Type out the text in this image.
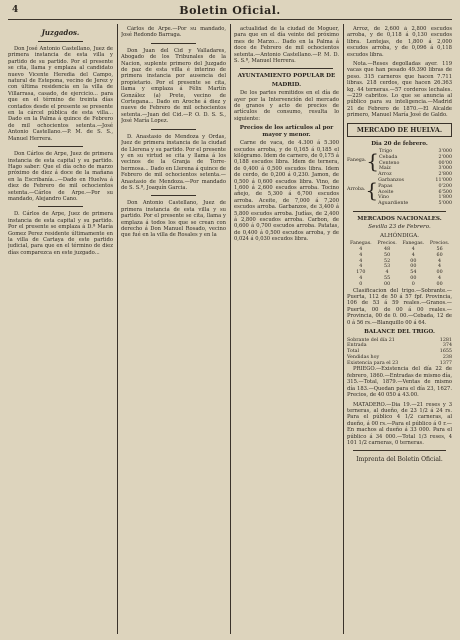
4	Boletin Oficial.
Juzgados.

Don José Antonio Castellano, Juez de primera instancia de esta villa y partido de su partido. Por el presente se cita, llama y emplaza al candidato nuevo Vicente Heredia del Campo, natural de Estepona, vecino de Jerez y con última residencia en la villa de Villarrasa, casado, de ejercicio... para que en el término de treinta días contados desde el presente se presente en la cárcel pública de esta villa... Dado en la Palma á quince de Febrero de mil ochocientos setenta.—José Antonio Castellano.—P. M. de S. S., Manuel Herrera.

Don Cárlos de Arpe, Juez de primera instancia de esta capital y su partido. Hago saber: Que el día ocho de marzo próximo de diez á doce de la mañana en la Escribanía...—Dado en Huelva á diez de Febrero de mil ochocientos setenta.—Cárlos de Arpe.—Por su mandado, Alejandro Cano.

D. Cárlos de Arpe, Juez de primera instancia de esta capital y su partido. Por el presente se emplaza á D.ª María Gomez Perez residente últimamente en la villa de Cartaya de este partido judicial, para que en el término de diez días comparezca en este juzgado...

Cárlos de Arpe.—Por su mandado, José Redondo Barraga.

Don Juan del Cid y Valladares, Abogado de los Tribunales de la Nacion, suplente primero del Juzgado de paz de esta villa é interino de primera instancia por ausencia del propietario. Por el presente se cita, llama y emplaza á Félix Martín González (a) Prete, vecino de Cortegana... Dado en Aroche á diez y nueve de Febrero de mil ochocientos setenta.—Juan del Cid.—P. O. D. S. S., José María Lopez.

D. Anastasio de Mendoza y Ordas, Juez de primera instancia de la ciudad de Llerena y su partido. Por el presente y en su virtud se cita y llama á los vecinos de la Granja de Torre-hermosa... Dado en Llerena á quince de Febrero de mil ochocientos setenta.—Anastasio de Mendoza.—Por mandado de S. S.ª, Joaquín Garcia.

Don Antonio Castellano, Juez de primera instancia de esta villa y su partido. Por el presente se cita, llama y emplaza á todos los que se crean con derecho á Don Manuel Rosado, vecino que fué en la villa de Rosales y en la

actualidad de la ciudad de Moguer, para que en el día veinte del próximo mes de Marzo... Dado en la Palma á doce de Febrero de mil ochocientos setenta.—Antonio Castellano.—P. M. D. S. S.ª, Manuel Herrera.

AYUNTAMIENTO POPULAR DE
MADRID.

De los partes remitidos en el día de ayer por la Intervención del mercado de granos y acto de precios de artículos de consumo, resulta lo siguiente:

Precios de los artículos al por mayor y menor.

Carne de vaca, de 4.300 á 5.300 escudos arroba, y de 0,165 á 0,185 el kilógramo. Idem de carnero, de 0,175 á 0,188 escudos libra. Idem de ternera, de 0,400 á 0,500 escudos libra. Idem de cerdo, de 0,200 á 0,230. Jamon, de 0,500 á 0,600 escudos libra. Vino, de 1,600 á 2,600 escudos arroba. Tocino añejo, de 5,300 á 6,700 escudos arroba. Aceite, de 7,000 á 7,200 escudos arroba. Garbanzos, de 3,400 á 5,800 escudos arroba. Judías, de 2,400 á 2,800 escudos arroba. Carbon, de 0,600 á 0,700 escudos arroba. Patatas, de 0,400 á 0,500 escudos arroba, y de 0,024 á 0,030 escudos libra.

Arroz, de 2,600 á 2,800 escudos arroba, y de 0,118 á 0,130 escudos libra. Lentejas, de 1,800 á 2,000 escudos arroba, y de 0,096 á 0,118 escudos libra.

Nota.—Reses degolladas ayer. 119 vacas que han pesado 49.390 libras de peso. 315 carneros que hacen 7.711 libras. 218 cerdos, que hacen 26.363 kg. 44 terneras.—57 corderos lechales.—229 cabritos. Lo que se anuncia al público para su inteligencia.—Madrid 21 de Febrero de 1870.—El Alcalde primero, Manuel María José de Galdo.

MERCADO DE HUELVA.
Dia 20 de febrero.
Fanega. { Trigo	3'000
Cebada	2'000
Centeno	00'00
Maíz	3'000
Arroba. {
Arroz	2'800
Garbanzos	11'000
Papas	0'200
Aceite	6'500
Vino	1'800
Aguardiente	5'000
MERCADOS NACIONALES.
Sevilla 23 de Febrero.
ALHÓNDIGA.
Fanegas.	Precios.	Fanegas.	Precios.
4	48	4	56
4	50	4	60
4	52	00	4
4	53	00	4
170	4	54	00
4	55	00	4
0	00	0	00

Clasificacion del trigo.—Sobrante.—Puerta, 112 de 50 á 57 fpf. Provincia, 106 de 53 á 59 reales.—Granos.—Puerta, 00 de 00 á 00 reales.—Provincia, 00 de 0. 00.—Cebada, 12 de 0 á 56 rs.—Blanquillo 00 á 64.

BALANCE DEL TRIGO.
Sobrante del día 21	1281
Entrada	374
Total	1655
Vendidas hoy	238
Existencia para el 23	1377

PRIEGO.—Existencia del día 22 de febrero, 1860.—Entradas de mismo día, 315.—Total, 1879.—Ventas de mismo día 183.—Quedan para el día 23, 1627. Precios, de 40 050 á 43.00.

MATADERO.—Dia 19.—21 reses y 3 terneras, al dueño, de 23 1/2 á 24 rs. Para el público 4 1/2 carneras, al dueño, á 00 rs.—Para el público á 0 r.—En machos al dueño á 33 000. Para el público á 34 000.—Total 1/3 reses, 4 101 1/2 carneras, 0 terneras.

Imprenta del Boletin Oficial.
